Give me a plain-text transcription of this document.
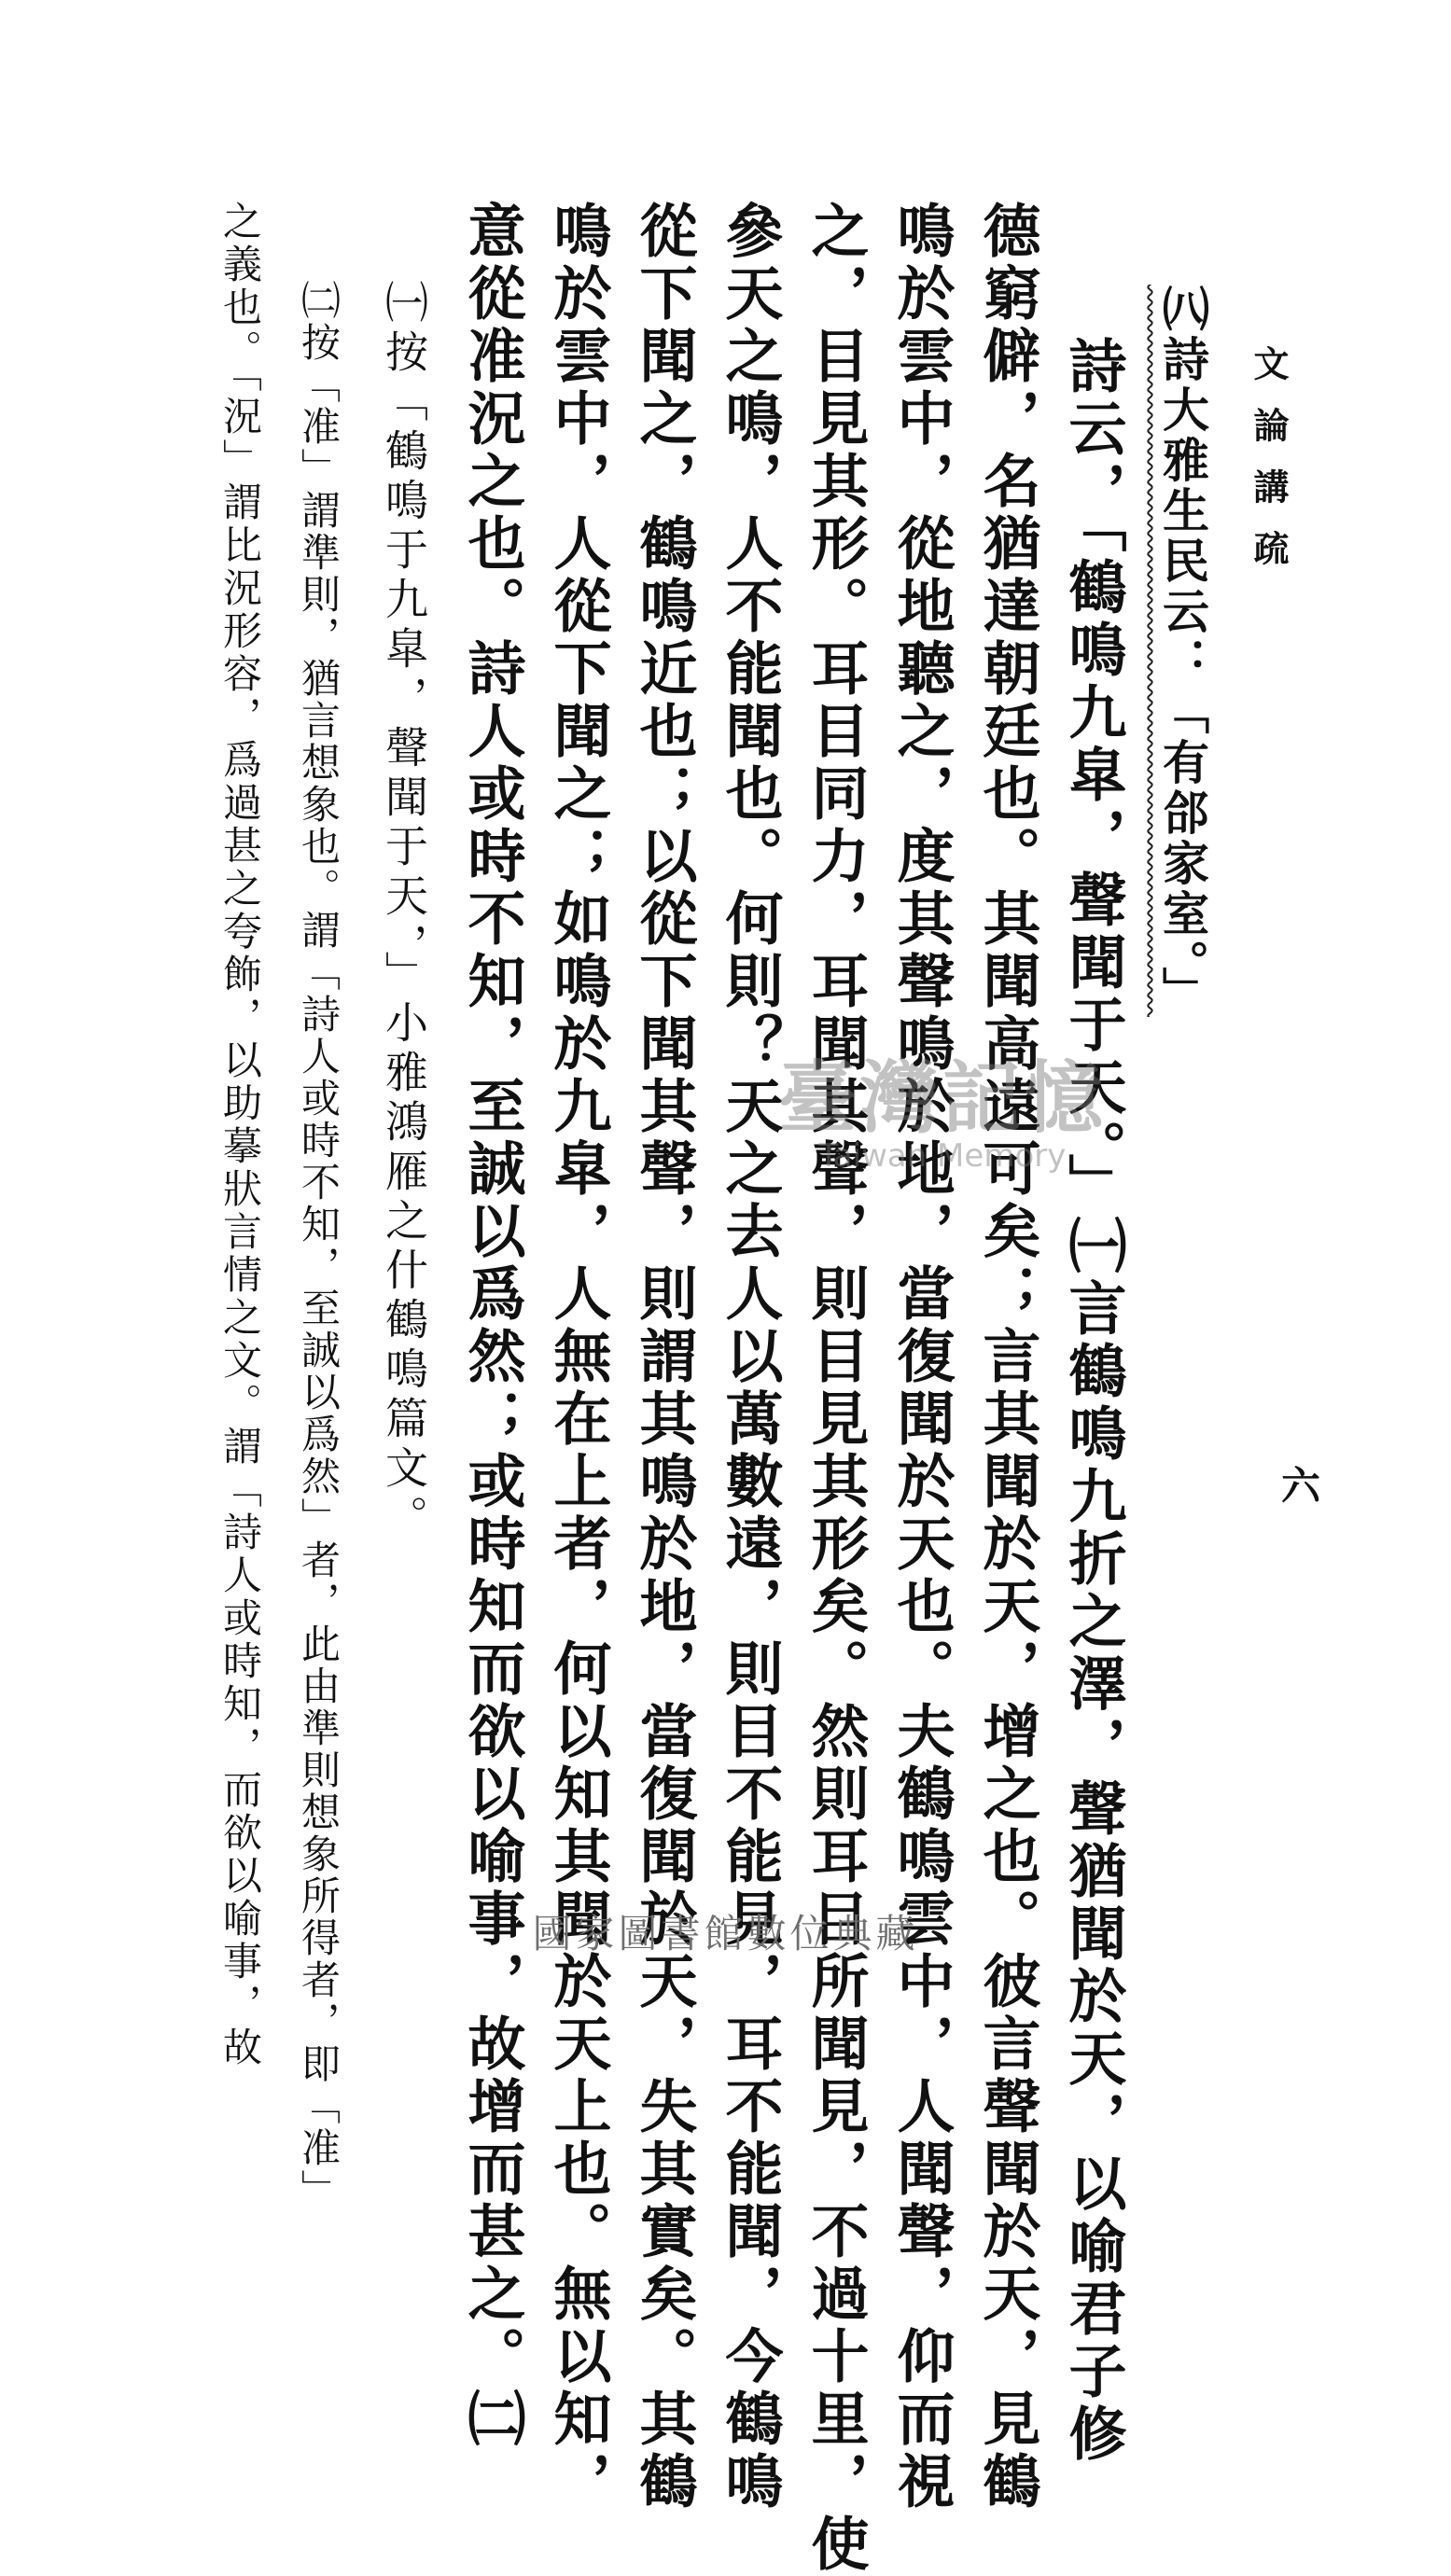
文論講疏
六
㈧詩大雅生民云：「有郃家室。」
詩云，「鶴鳴九皐，聲聞于天。」㈠言鶴鳴九折之澤，聲猶聞於天，以喻君子修
德窮僻，名猶達朝廷也。其聞高遠可矣；言其聞於天，增之也。彼言聲聞於天，見鶴
鳴於雲中，從地聽之，度其聲鳴於地，當復聞於天也。夫鶴鳴雲中，人聞聲，仰而視
之，目見其形。耳目同力，耳聞其聲，則目見其形矣。然則耳目所聞見，不過十里，使
參天之鳴，人不能聞也。何則？天之去人以萬數遠，則目不能見，耳不能聞，今鶴鳴
從下聞之，鶴鳴近也；以從下聞其聲，則謂其鳴於地，當復聞於天，失其實矣。其鶴
鳴於雲中，人從下聞之；如鳴於九皐，人無在上者，何以知其聞於天上也。無以知，
意從准況之也。詩人或時不知，至誠以爲然；或時知而欲以喻事，故增而甚之。㈡
㈠按「鶴鳴于九皐，聲聞于天，」小雅鴻雁之什鶴鳴篇文。
㈡按「准」謂準則，猶言想象也。謂「詩人或時不知，至誠以爲然」者，此由準則想象所得者，即「准」
之義也。「況」謂比況形容，爲過甚之夸飾，以助摹狀言情之文。謂「詩人或時知，而欲以喻事，故	臺灣記憶
Taiwan Memory
國家圖書館數位典藏
